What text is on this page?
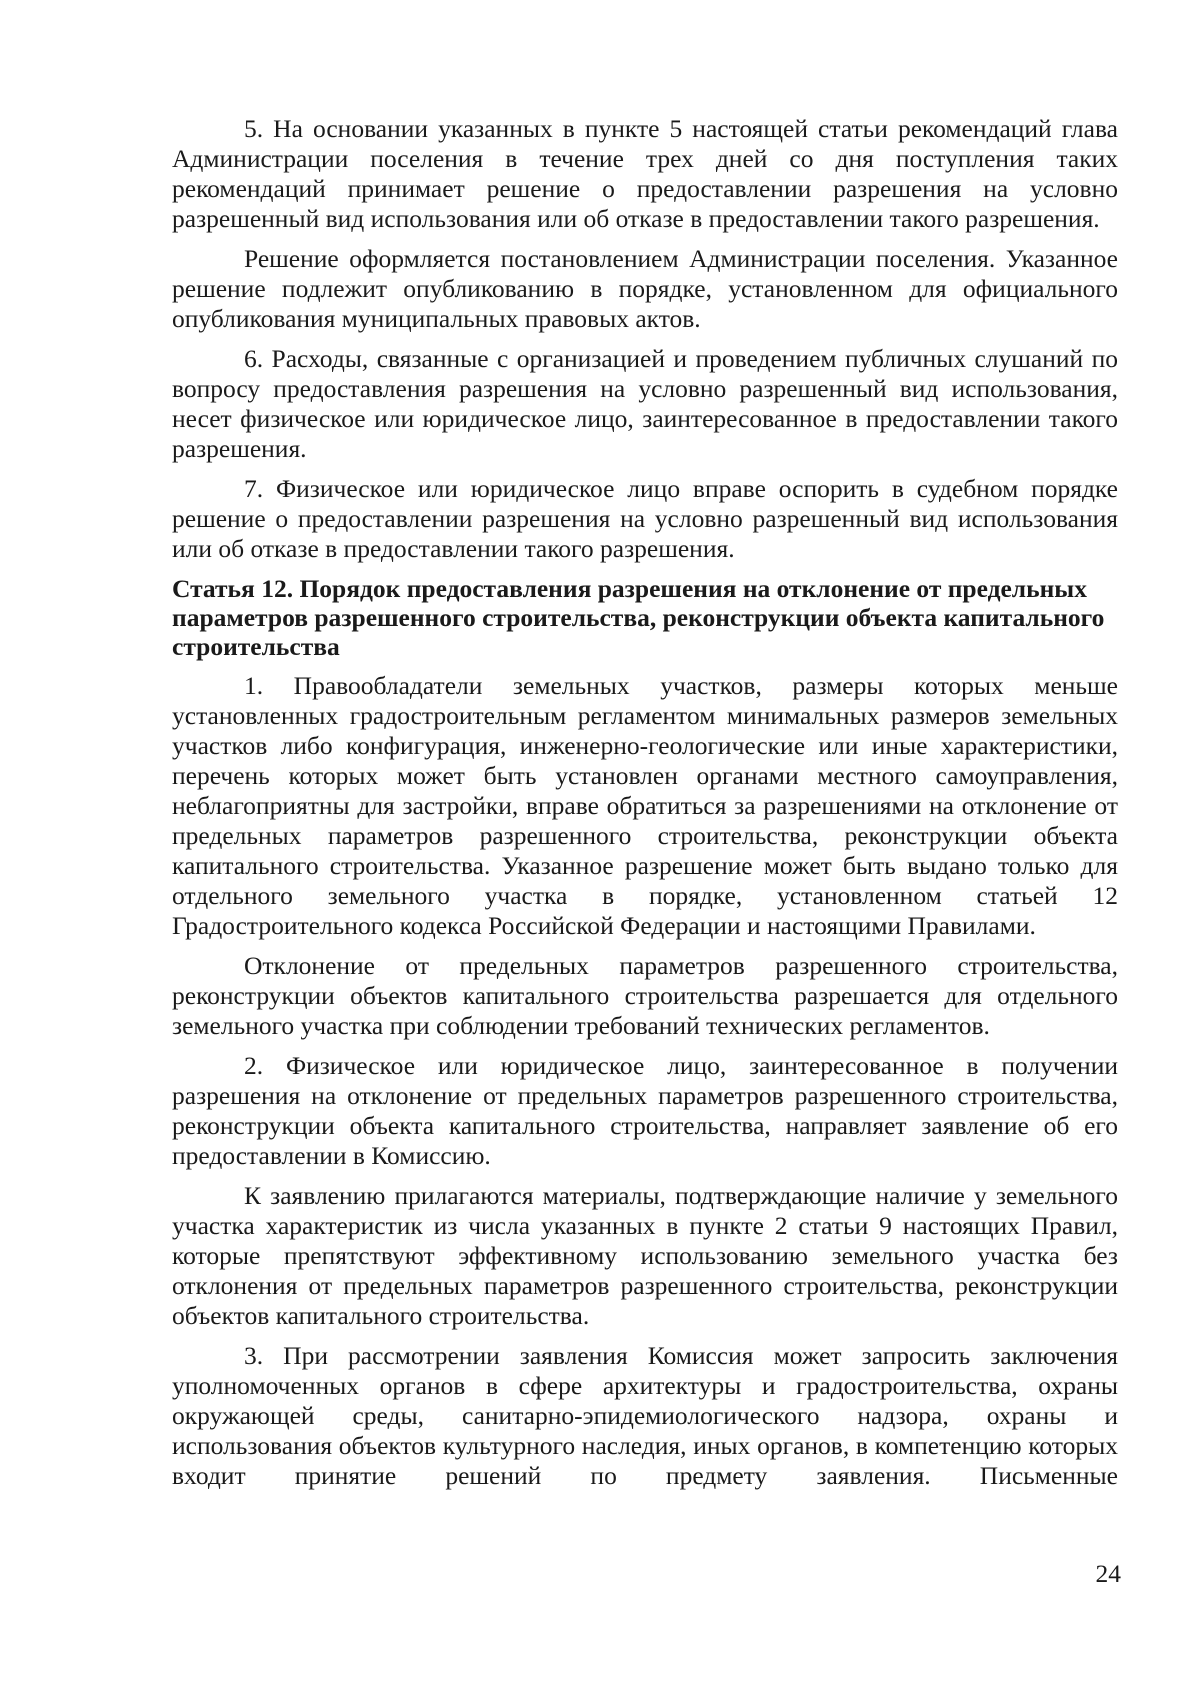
5. На основании указанных в пункте 5 настоящей статьи рекомендаций глава Администрации поселения в течение трех дней со дня поступления таких рекомендаций принимает решение о предоставлении разрешения на условно разрешенный вид использования или об отказе в предоставлении такого разрешения.

Решение оформляется постановлением Администрации поселения. Указанное решение подлежит опубликованию в порядке, установленном для официального опубликования муниципальных правовых актов.

6. Расходы, связанные с организацией и проведением публичных слушаний по вопросу предоставления разрешения на условно разрешенный вид использования, несет физическое или юридическое лицо, заинтересованное в предоставлении такого разрешения.

7. Физическое или юридическое лицо вправе оспорить в судебном порядке решение о предоставлении разрешения на условно разрешенный вид использования или об отказе в предоставлении такого разрешения.

Статья 12. Порядок предоставления разрешения на отклонение от предельных параметров разрешенного строительства, реконструкции объекта капитального строительства

1. Правообладатели земельных участков, размеры которых меньше установленных градостроительным регламентом минимальных размеров земельных участков либо конфигурация, инженерно-геологические или иные характеристики, перечень которых может быть установлен органами местного самоуправления, неблагоприятны для застройки, вправе обратиться за разрешениями на отклонение от предельных параметров разрешенного строительства, реконструкции объекта капитального строительства. Указанное разрешение может быть выдано только для отдельного земельного участка в порядке, установленном статьей 12 Градостроительного кодекса Российской Федерации и настоящими Правилами.

Отклонение от предельных параметров разрешенного строительства, реконструкции объектов капитального строительства разрешается для отдельного земельного участка при соблюдении требований технических регламентов.

2. Физическое или юридическое лицо, заинтересованное в получении разрешения на отклонение от предельных параметров разрешенного строительства, реконструкции объекта капитального строительства, направляет заявление об его предоставлении в Комиссию.

К заявлению прилагаются материалы, подтверждающие наличие у земельного участка характеристик из числа указанных в пункте 2 статьи 9 настоящих Правил, которые препятствуют эффективному использованию земельного участка без отклонения от предельных параметров разрешенного строительства, реконструкции объектов капитального строительства.

3. При рассмотрении заявления Комиссия может запросить заключения уполномоченных органов в сфере архитектуры и градостроительства, охраны окружающей среды, санитарно-эпидемиологического надзора, охраны и использования объектов культурного наследия, иных органов, в компетенцию которых входит принятие решений по предмету заявления. Письменные

24
